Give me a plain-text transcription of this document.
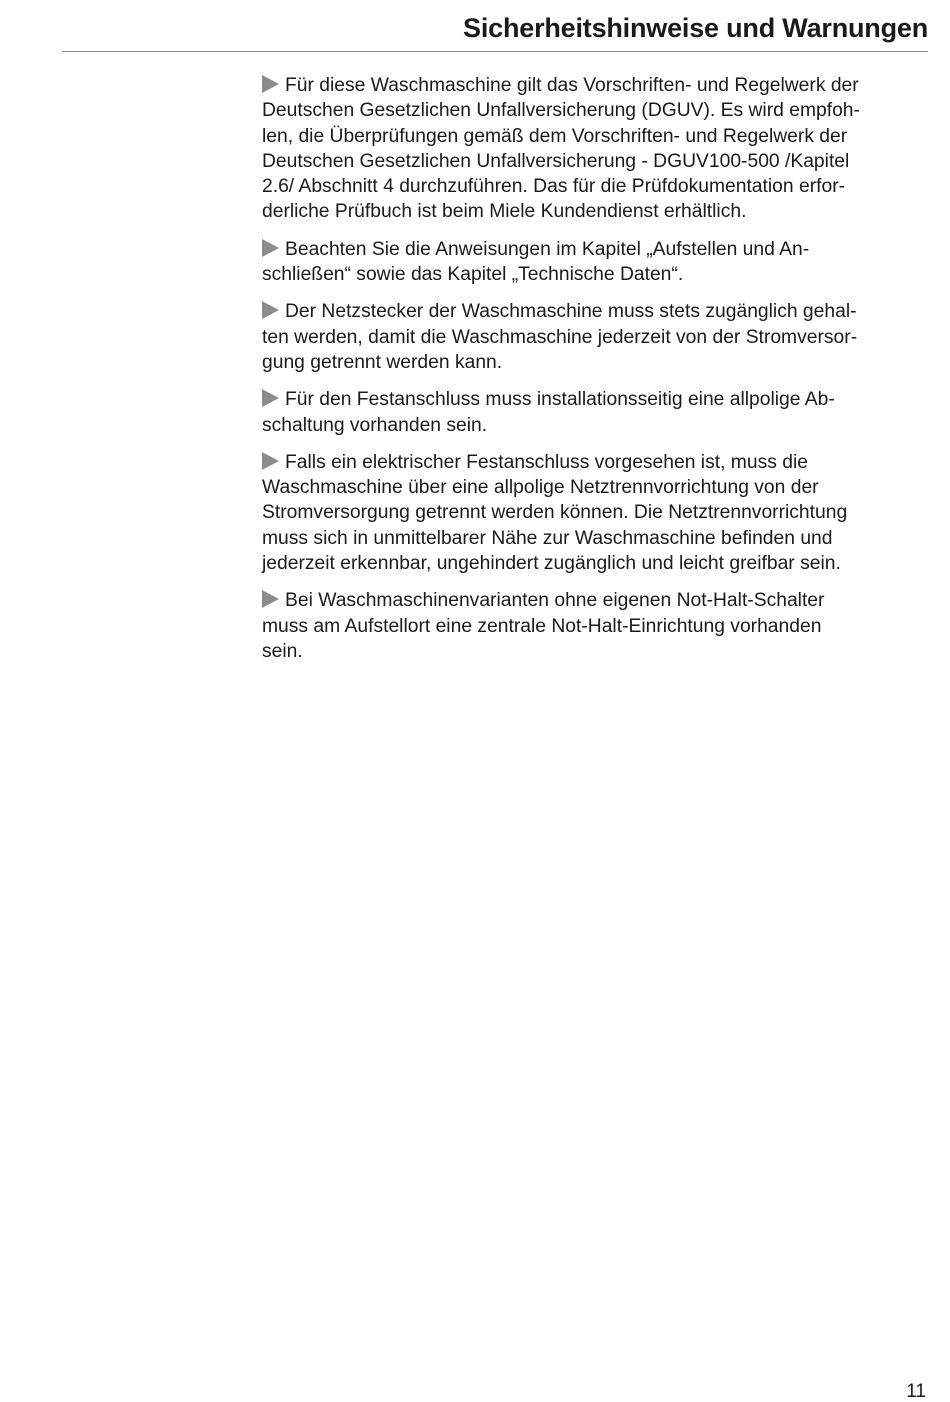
Sicherheitshinweise und Warnungen

Für diese Waschmaschine gilt das Vorschriften- und Regelwerk der
Deutschen Gesetzlichen Unfallversicherung (DGUV). Es wird empfoh-
len, die Überprüfungen gemäß dem Vorschriften- und Regelwerk der
Deutschen Gesetzlichen Unfallversicherung - DGUV100-500 /Kapitel
2.6/ Abschnitt 4 durchzuführen. Das für die Prüfdokumentation erfor-
derliche Prüfbuch ist beim Miele Kundendienst erhältlich.

Beachten Sie die Anweisungen im Kapitel „Aufstellen und An-
schließen“ sowie das Kapitel „Technische Daten“.

Der Netzstecker der Waschmaschine muss stets zugänglich gehal-
ten werden, damit die Waschmaschine jederzeit von der Stromversor-
gung getrennt werden kann.

Für den Festanschluss muss installationsseitig eine allpolige Ab-
schaltung vorhanden sein.

Falls ein elektrischer Festanschluss vorgesehen ist, muss die
Waschmaschine über eine allpolige Netztrennvorrichtung von der
Stromversorgung getrennt werden können. Die Netztrennvorrichtung
muss sich in unmittelbarer Nähe zur Waschmaschine befinden und
jederzeit erkennbar, ungehindert zugänglich und leicht greifbar sein.

Bei Waschmaschinenvarianten ohne eigenen Not-Halt-Schalter
muss am Aufstellort eine zentrale Not-Halt-Einrichtung vorhanden
sein.

11
